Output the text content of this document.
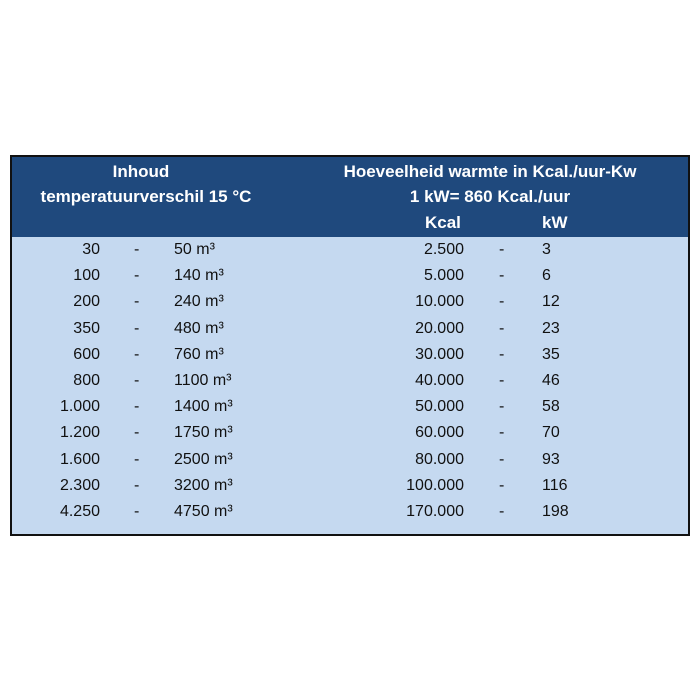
Inhoud
temperatuurverschil 15 °C
Hoeveelheid warmte in Kcal./uur-Kw
1 kW= 860 Kcal./uur
Kcal	kW
30 - 50 m³	2.500 - 3
100 - 140 m³	5.000 - 6
200 - 240 m³	10.000 - 12
350 - 480 m³	20.000 - 23
600 - 760 m³	30.000 - 35
800 - 1100 m³	40.000 - 46
1.000 - 1400 m³	50.000 - 58
1.200 - 1750 m³	60.000 - 70
1.600 - 2500 m³	80.000 - 93
2.300 - 3200 m³	100.000 - 116
4.250 - 4750 m³	170.000 - 198
